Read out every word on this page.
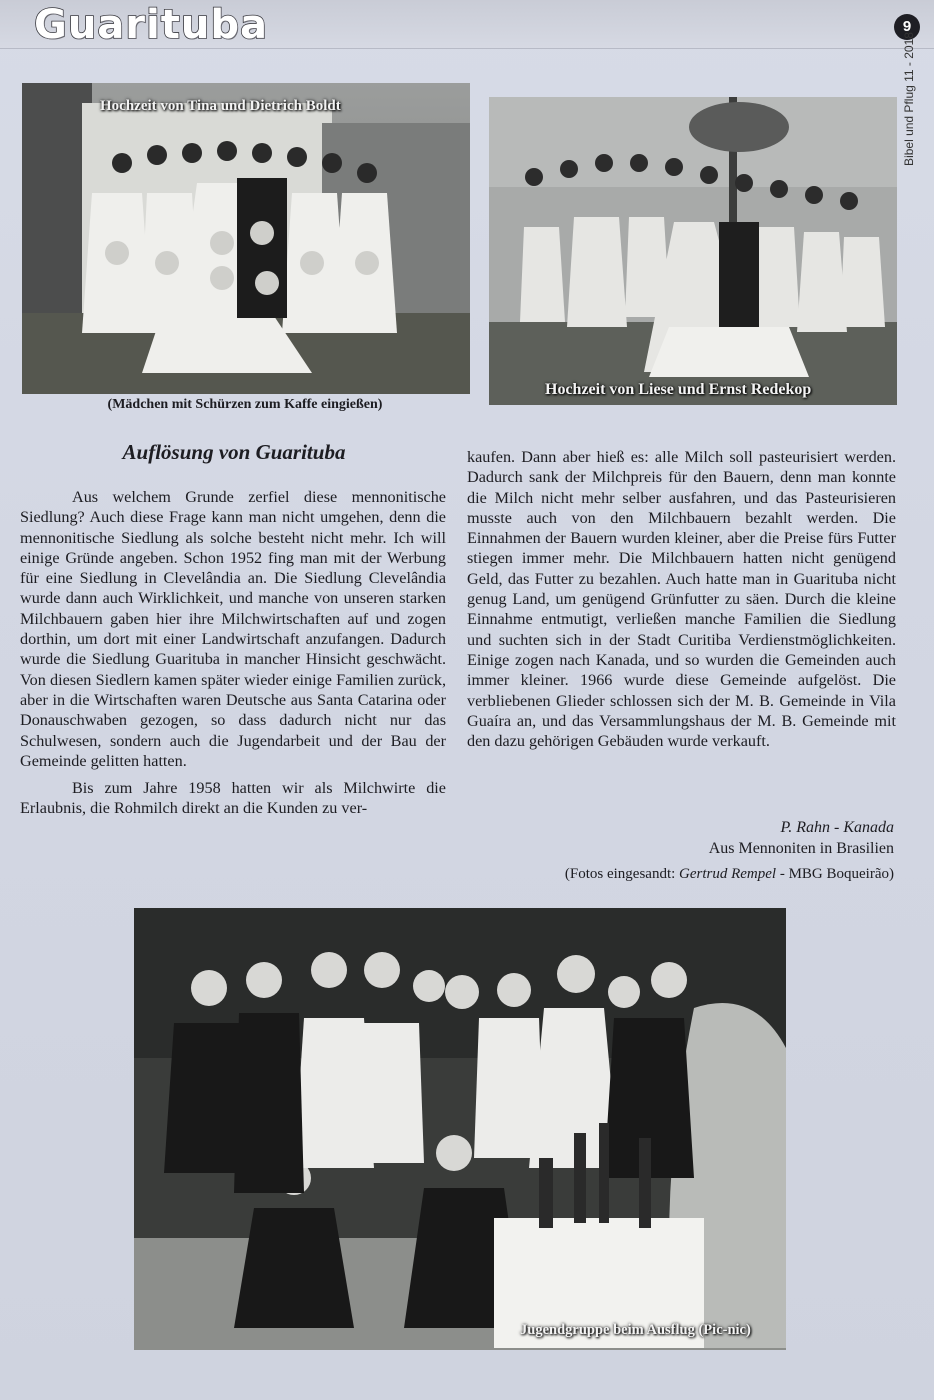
Guarituba	9
Bibel und Pflug 11 - 2018
Hochzeit von Tina und Dietrich Boldt
(Mädchen mit Schürzen zum Kaffe eingießen)
Hochzeit von Liese und Ernst Redekop
Auflösung von Guarituba

Aus welchem Grunde zerfiel diese mennonitische Siedlung? Auch diese Frage kann man nicht umgehen, denn die mennonitische Siedlung als solche besteht nicht mehr. Ich will einige Gründe angeben. Schon 1952 fing man mit der Werbung für eine Siedlung in Clevelândia an. Die Siedlung Clevelândia wurde dann auch Wirklichkeit, und manche von unseren starken Milchbauern gaben hier ihre Milchwirtschaften auf und zogen dorthin, um dort mit einer Landwirtschaft anzufangen. Dadurch wurde die Siedlung Guarituba in mancher Hinsicht geschwächt. Von diesen Siedlern kamen später wieder einige Familien zurück, aber in die Wirtschaften waren Deutsche aus Santa Catarina oder Donauschwaben gezogen, so dass dadurch nicht nur das Schulwesen, sondern auch die Jugendarbeit und der Bau der Gemeinde gelitten hatten.

Bis zum Jahre 1958 hatten wir als Milchwirte die Erlaubnis, die Rohmilch direkt an die Kunden zu ver-

kaufen. Dann aber hieß es: alle Milch soll pasteurisiert werden. Dadurch sank der Milchpreis für den Bauern, denn man konnte die Milch nicht mehr selber ausfahren, und das Pasteurisieren musste auch von den Milchbauern bezahlt werden. Die Einnahmen der Bauern wurden kleiner, aber die Preise fürs Futter stiegen immer mehr. Die Milchbauern hatten nicht genügend Geld, das Futter zu bezahlen. Auch hatte man in Guarituba nicht genug Land, um genügend Grünfutter zu säen. Durch die kleine Einnahme entmutigt, verließen manche Familien die Siedlung und suchten sich in der Stadt Curitiba Verdienstmöglichkeiten. Einige zogen nach Kanada, und so wurden die Gemeinden auch immer kleiner. 1966 wurde diese Gemeinde aufgelöst. Die verbliebenen Glieder schlossen sich der M. B. Gemeinde in Vila Guaíra an, und das Versammlungshaus der M. B. Gemeinde mit den dazu gehörigen Gebäuden wurde verkauft.

P. Rahn - Kanada
Aus Mennoniten in Brasilien
(Fotos eingesandt: Gertrud Rempel - MBG Boqueirão)
Jugendgruppe beim Ausflug (Pic-nic)
